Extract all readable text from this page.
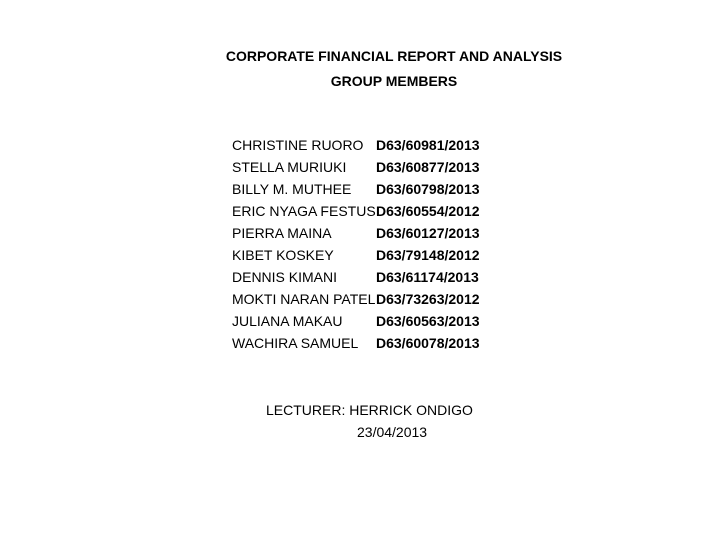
CORPORATE FINANCIAL REPORT AND ANALYSIS
GROUP MEMBERS
CHRISTINE RUORO D63/60981/2013
STELLA MURIUKI	D63/60877/2013
BILLY M. MUTHEE	D63/60798/2013
ERIC NYAGA FESTUS D63/60554/2012
PIERRA MAINA	D63/60127/2013
KIBET KOSKEY	D63/79148/2012
DENNIS KIMANI	D63/61174/2013
MOKTI NARAN PATEL D63/73263/2012
JULIANA MAKAU	D63/60563/2013
WACHIRA SAMUEL	D63/60078/2013
LECTURER: HERRICK ONDIGO
23/04/2013
